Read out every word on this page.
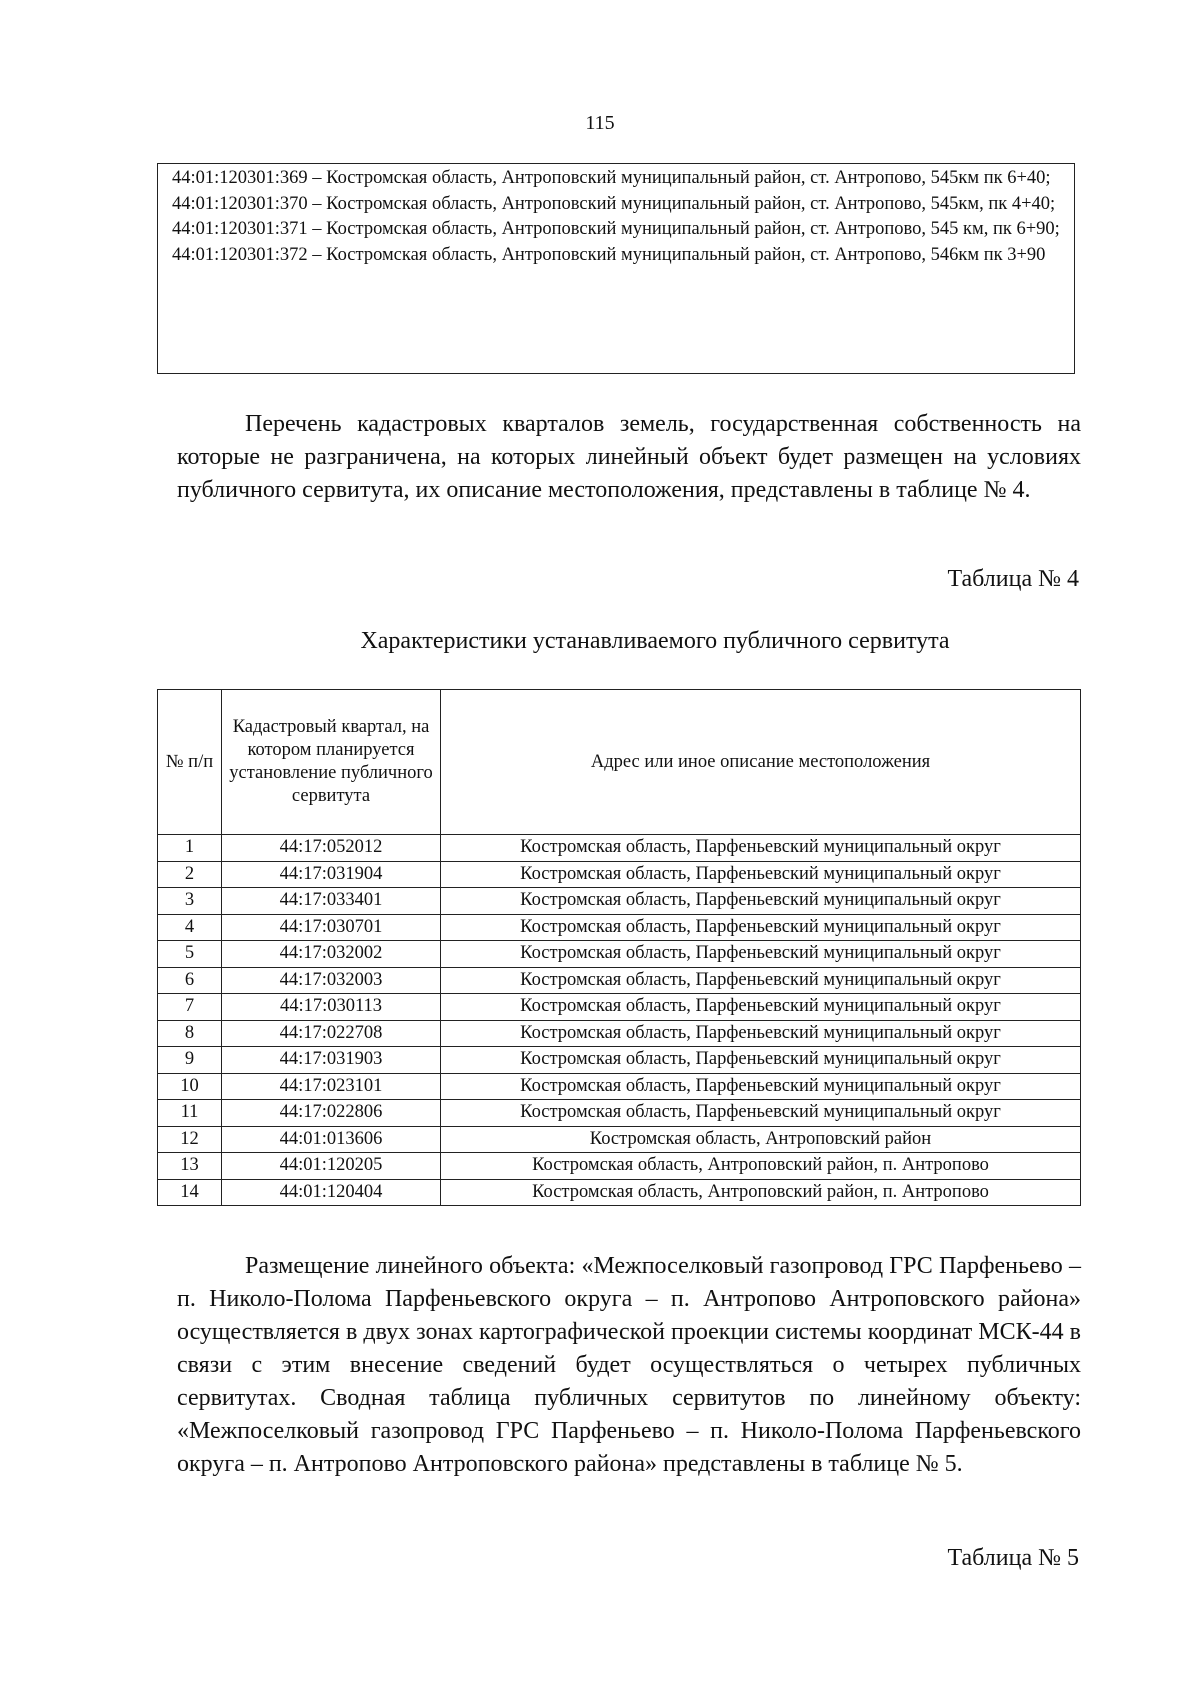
115
44:01:120301:369 – Костромская область, Антроповский муниципальный район, ст. Антропово, 545км пк 6+40;
44:01:120301:370 – Костромская область, Антроповский муниципальный район, ст. Антропово, 545км, пк 4+40;
44:01:120301:371 – Костромская область, Антроповский муниципальный район, ст. Антропово, 545 км, пк 6+90;
44:01:120301:372 – Костромская область, Антроповский муниципальный район, ст. Антропово, 546км пк 3+90
Перечень кадастровых кварталов земель, государственная собственность на которые не разграничена, на которых линейный объект будет размещен на условиях публичного сервитута, их описание местоположения, представлены в таблице № 4.
Таблица № 4
Характеристики устанавливаемого публичного сервитута
№ п/п	Кадастровый квартал, на котором планируется установление публичного сервитута	Адрес или иное описание местоположения
1	44:17:052012	Костромская область, Парфеньевский муниципальный округ
2	44:17:031904	Костромская область, Парфеньевский муниципальный округ
3	44:17:033401	Костромская область, Парфеньевский муниципальный округ
4	44:17:030701	Костромская область, Парфеньевский муниципальный округ
5	44:17:032002	Костромская область, Парфеньевский муниципальный округ
6	44:17:032003	Костромская область, Парфеньевский муниципальный округ
7	44:17:030113	Костромская область, Парфеньевский муниципальный округ
8	44:17:022708	Костромская область, Парфеньевский муниципальный округ
9	44:17:031903	Костромская область, Парфеньевский муниципальный округ
10	44:17:023101	Костромская область, Парфеньевский муниципальный округ
11	44:17:022806	Костромская область, Парфеньевский муниципальный округ
12	44:01:013606	Костромская область, Антроповский район
13	44:01:120205	Костромская область, Антроповский район, п. Антропово
14	44:01:120404	Костромская область, Антроповский район, п. Антропово
Размещение линейного объекта: «Межпоселковый газопровод ГРС Парфеньево – п. Николо-Полома Парфеньевского округа – п. Антропово Антроповского района» осуществляется в двух зонах картографической проекции системы координат МСК-44 в связи с этим внесение сведений будет осуществляться о четырех публичных сервитутах. Сводная таблица публичных сервитутов по линейному объекту: «Межпоселковый газопровод ГРС Парфеньево – п. Николо-Полома Парфеньевского округа – п. Антропово Антроповского района» представлены в таблице № 5.
Таблица № 5
